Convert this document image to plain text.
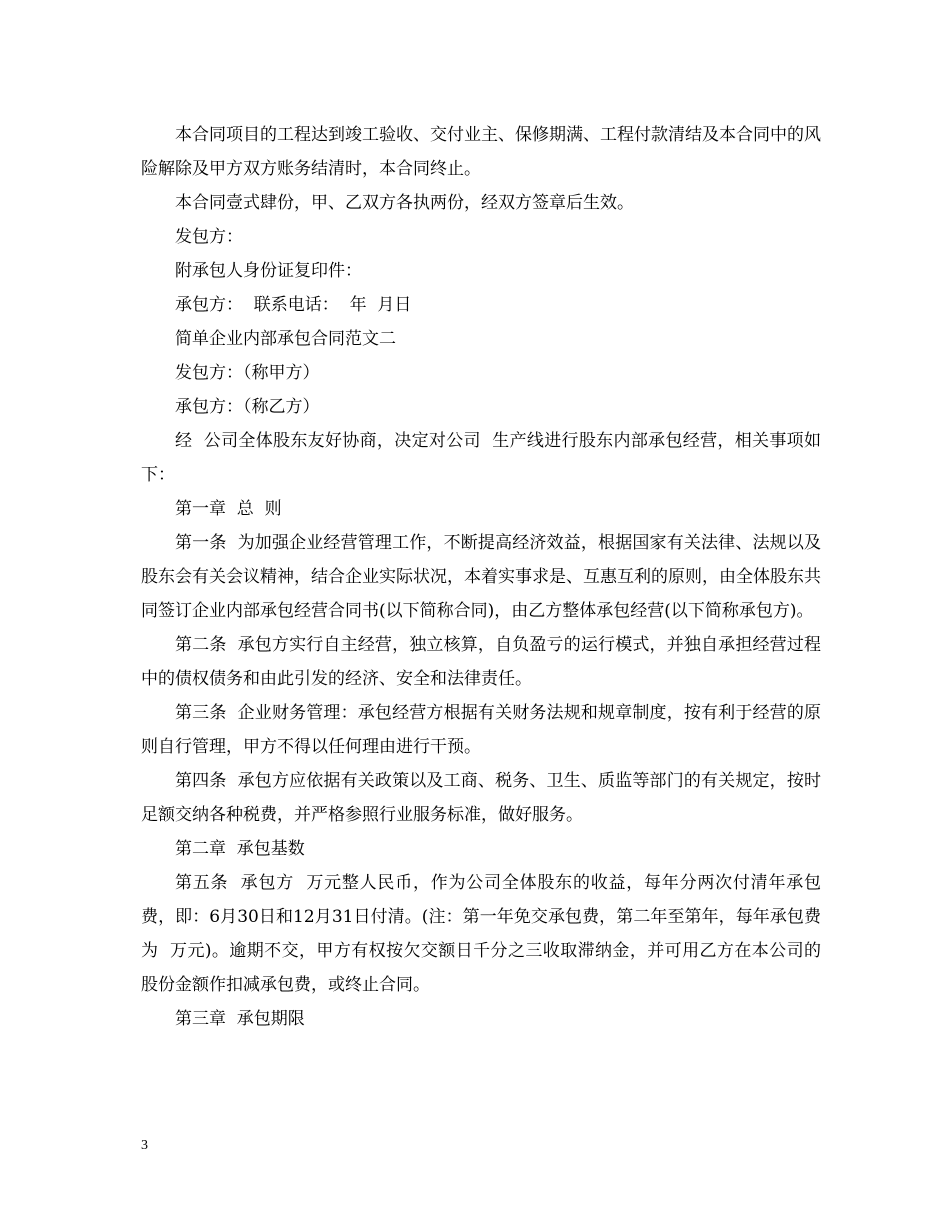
本合同项目的工程达到竣工验收、交付业主、保修期满、工程付款清结及本合同中的风险解除及甲方双方账务结清时，本合同终止。

本合同壹式肆份，甲、乙双方各执两份，经双方签章后生效。

发包方：

附承包人身份证复印件：

承包方：  联系电话：  年  月日

简单企业内部承包合同范文二

发包方：（称甲方）

承包方：（称乙方）

经  公司全体股东友好协商，决定对公司  生产线进行股东内部承包经营，相关事项如下：

第一章  总  则

第一条  为加强企业经营管理工作，不断提高经济效益，根据国家有关法律、法规以及股东会有关会议精神，结合企业实际状况，本着实事求是、互惠互利的原则，由全体股东共同签订企业内部承包经营合同书(以下简称合同)，由乙方整体承包经营(以下简称承包方)。

第二条  承包方实行自主经营，独立核算，自负盈亏的运行模式，并独自承担经营过程中的债权债务和由此引发的经济、安全和法律责任。

第三条  企业财务管理：承包经营方根据有关财务法规和规章制度，按有利于经营的原则自行管理，甲方不得以任何理由进行干预。

第四条  承包方应依据有关政策以及工商、税务、卫生、质监等部门的有关规定，按时足额交纳各种税费，并严格参照行业服务标准，做好服务。

第二章  承包基数

第五条  承包方  万元整人民币，作为公司全体股东的收益，每年分两次付清年承包费，即：6月30日和12月31日付清。(注：第一年免交承包费，第二年至第年，每年承包费为  万元)。逾期不交，甲方有权按欠交额日千分之三收取滞纳金，并可用乙方在本公司的股份金额作扣减承包费，或终止合同。

第三章  承包期限

3
